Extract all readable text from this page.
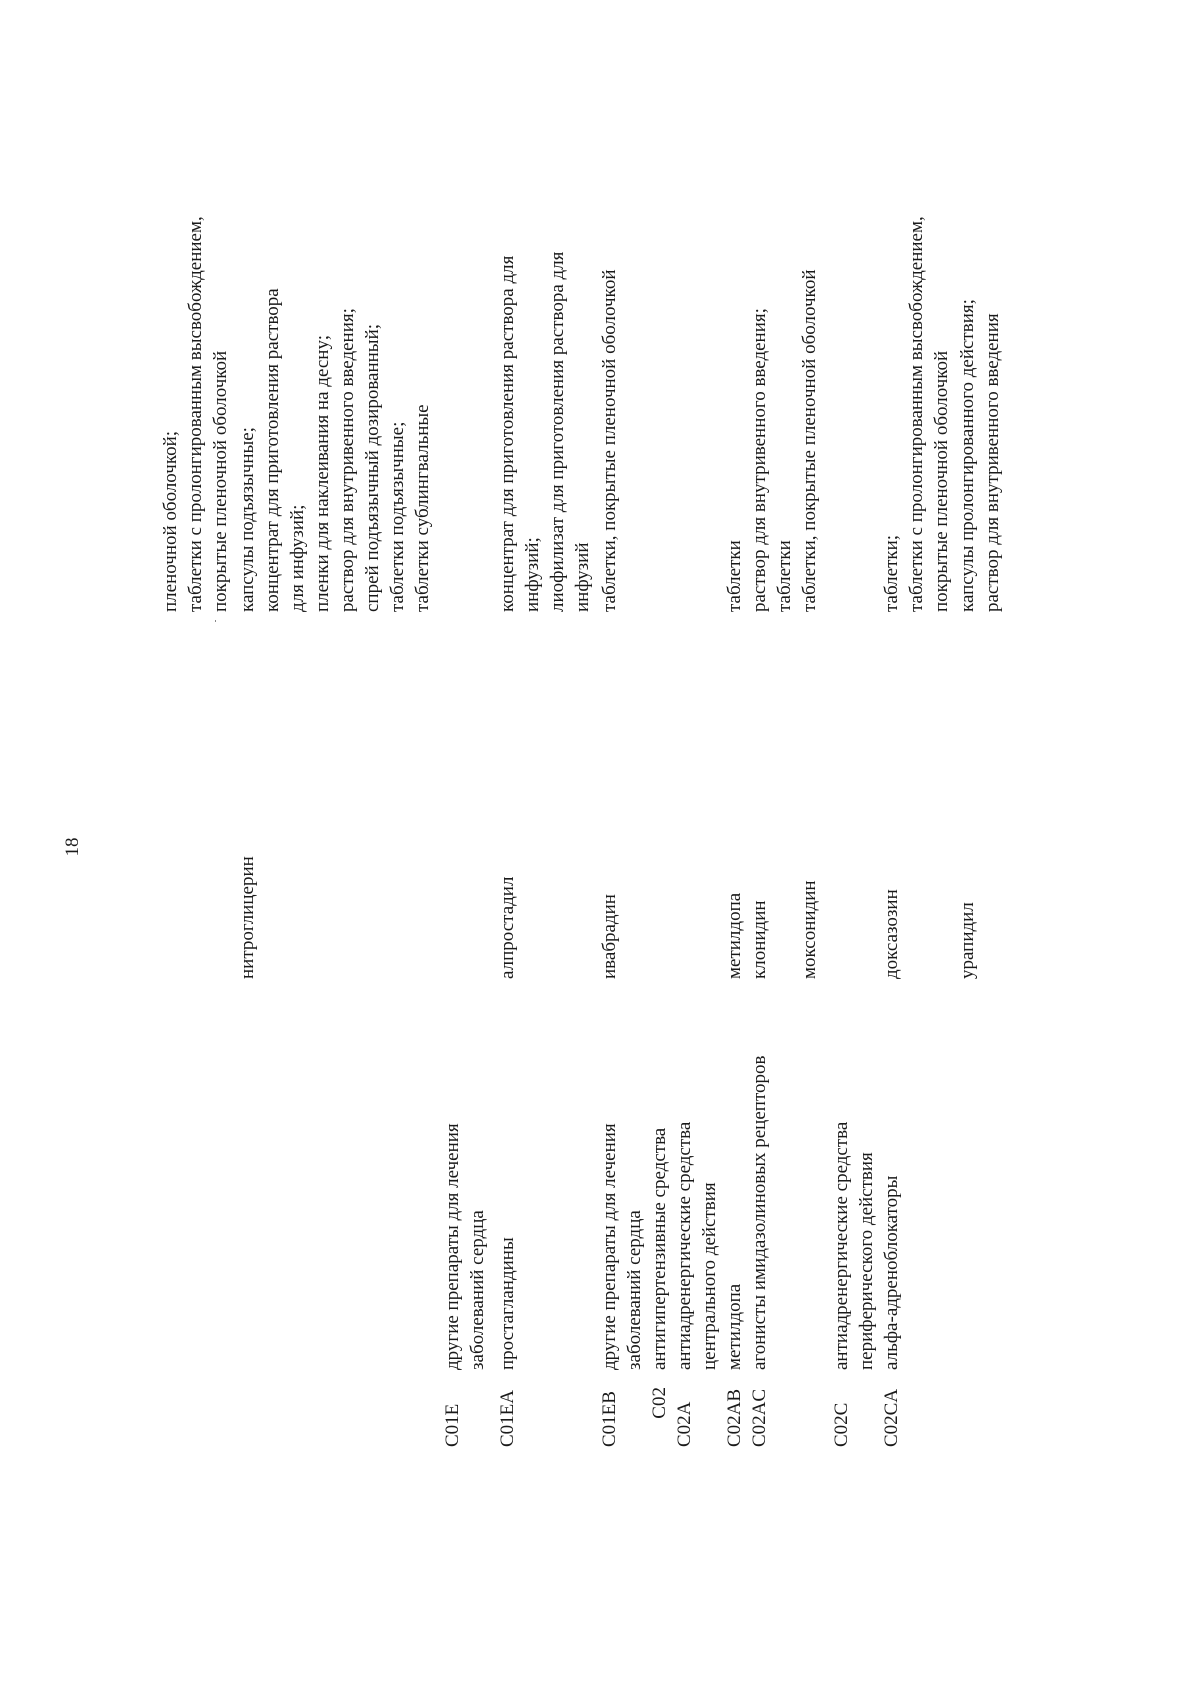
18
пленочной оболочкой; таблетки с пролонгированным высвобождением, покрытые пленочной оболочкой
нитроглицерин
капсулы подъязычные; концентрат для приготовления раствора для инфузий; пленки для наклеивания на десну; раствор для внутривенного введения; спрей подъязычный дозированный; таблетки подъязычные; таблетки сублингвальные
C01E
другие препараты для лечения заболеваний сердца
C01EA
простагландины
алпростадил
концентрат для приготовления раствора для инфузий; лиофилизат для приготовления раствора для инфузий
C01EB
другие препараты для лечения заболеваний сердца
ивабрадин
таблетки, покрытые пленочной оболочкой
C02
антигипертензивные средства
C02A
антиадренергические средства центрального действия
C02AB
метилдопа
метилдопа
таблетки
C02AC
агонисты имидазолиновых рецепторов
клонидин
раствор для внутривенного введения; таблетки
моксонидин
таблетки, покрытые пленочной оболочкой
C02C
антиадренергические средства периферического действия
C02CA
альфа-адреноблокаторы
доксазозин
таблетки; таблетки с пролонгированным высвобождением, покрытые пленочной оболочкой
урапидил
капсулы пролонгированного действия; раствор для внутривенного введения
